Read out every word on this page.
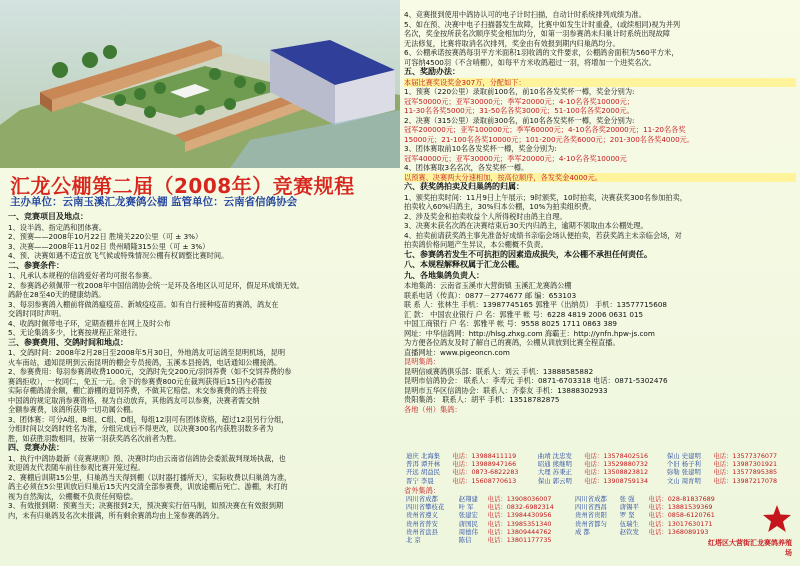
汇龙公棚第二届（2008年）竞赛规程
主办单位：云南玉溪汇龙赛鸽公棚 监管单位：云南省信鸽协会
一、竞赛项目及地点：
1、设半鸽、指定鸽和团体赛。
2、预赛——2008年10月22日 胜境关220公里（可 ± 3%）
3、决赛——2008年11月02日 贵州晴隆315公里（可 ± 3%）
4、预、决赛如遇不适宜放飞气候或特殊情况公棚有权调整比赛时间。
二、参赛条件：
1、凡承认本规程的信鸽爱好者均可报名参赛。
2、参赛鸽必须佩带一枚2008年中国信鸽协会统一足环及各地区认可足环，假足环成绩无效。
鸽龄在28至40天的健康幼鸽。
3、每羽参赛鸽入棚前将做鸽瘟疫苗、新城疫疫苗。如有自行接种疫苗的赛鸽，鸽友在
交鸽时同时声明。
4、收鸽时佩带电子环，定期查棚并在网上及时公布
5、无论集鸽多少，比赛按规程正常进行。
三、参赛费用、交鸽时间和地点：
1、交鸽时间：2008年2月28日至2008年5月30日，外地鸽友可运鸽至昆明机场，昆明
火车南站，通知昆明到云南昆明的棚会专员接鸽，玉溪本县接鸽，电话通知公棚接鸽。
2、参赛费用：每羽参赛鸽收费1000元，交鸽时先交200元/羽饲养费（如不交饲养费的参
赛鸽拒收），一枚同仁，免五一元。余下的参赛费800元在裁判获得后15日内必需按
实际存棚鸽清余额，棚亡游棚的退饲养费，不做其它赔偿。未交参赛费的鸽主将按
中国鸽的规定取消参赛资格，视为自动放弃，其他鸽友可以参赛，决赛者需交纳
全额参赛费，该鸽所获得一切功属公棚。
3、团体赛：可分A组、B组、C组、D组，每组12羽可有团体资格，超过12羽另行分组，
分组时间以交鸽时姓名为准，分组完成后不得更改，以决赛300名内获胜羽数多者为
胜，如获胜羽数相同，按第一羽获奖鸽名次前者为胜。
四、竞赛办法：
1、执行中鸽协最新《竞赛规则》预、决赛时均由云南省信鸽协会委派裁判现场执裁，也
欢迎鸽友代表随车前往参观比赛开笼过程。
2、赛棚后训期15公里，归巢鸽当天得到棚（以时器打播所天），实际收费以归巢鸽为准，
鸽主必须在5公里训放后归巢后15天内交清全部参赛费，训放途棚后死亡、游棚，未打的
视为自然淘汰，公棚概不负责任何赔偿。
3、有效报到期：预赛当天；决赛报到2天，预决赛实行佰马制，如预决赛在有效报到期
内，未有归巢鸽及名次未报满，所有剩余赛鸽均由上笼参赛鸽鸽分。
4、竞赛报到使用中鸽协认可的电子计时扫描，自动计时系统排列成绩为准。
5、如在预、决赛中电子扫描器发生故障，比赛中如发生计时重叠，(或续相同)视为并列
名次，奖金按所获名次顺序奖金相加均分，如第一羽参赛鸽未归巢计时系统出现故障
无法修复，比赛将取消名次排列，奖金由有效报到期内归巢鸽均分。
6、公棚承诺按赛鸽每羽平方米面积1羽收鸽的文件要求，公棚鸽舍面积为560平方米，
可容纳4500羽（不含哨棚），如每平方米收鸽超过一羽，将增加一个进奖名次。
五、奖励办法：
本届比赛奖设奖金307万，分配如下：
1、预赛（220公里）录取前100名，前10名各发奖杯一樽，奖金分别为:
冠军50000元；亚军30000元；季军20000元；4-10名各奖10000元；
11-30名各奖5000元；31-50名各奖3000元；51-100名各奖2000元。
2、决赛（315公里）录取前300名，前10名各发奖杯一樽，奖金分别为:
冠军200000元；亚军100000元；季军60000元；4-10名各奖20000元；11-20名各奖
15000元；21-100名各奖10000元；101-200元各奖6000元；201-300名各奖4000元。
3、团体赛取前10名各发奖杯一樽，奖金分别为:
冠军40000元；亚军30000元；季军20000元；4-10名各奖10000元
4、团体赛取3名名次，各发奖杯一樽。
以预赛、决赛两大分速相加，按高位顺序，各发奖金4000元。
六、获奖鸽拍卖及归巢鸽的归属：
1、颁奖拍卖时间：11月9日上午展示；9时颁奖，10时拍卖，决赛获奖300名参加拍卖，
拍卖收入60%归鸽主，30%归本公棚，10%为拍卖组织费。
2、涉及奖金和拍卖收益个人所得税时由鸽主自理。
3、决赛未获名次鸽在决赛结束后30天内归鸽主，逾期不领取由本公棚处理。
4、拍卖前请获奖鸽主事先准备好成绩书亲临会场认便拍卖，若获奖鸽主未亲临会场，对
拍卖鸽价格问题产生异议，本公棚概不负责。
七、参赛鸽若发生不可抗拒的因素造成损失，本公棚不承担任何责任。
八、本规程解释权属于汇龙公棚。
九、各地集鸽负责人：
本地集鸽：云南省玉溪市大营街镇 玉溪汇龙赛鸽公棚
联系电话（传真）：0877－2774677 邮 编：653103
联 系 人：张林生 手机：13987745165 郭雅平（出纳员） 手机：13577715608
汇 款： 中国农业银行 户 名：郭雅平 帐 号：6228 4819 2006 0631 015
中国工商银行 户 名：郭雅平 帐 号：9558 8025 1711 0863 389
网址：中华信鸽网：http://hlsg.zhxg.com 海霸王：http://ynfn.hpw-js.com
为方便各位鸽友及时了解自己的赛鸽，公棚从训放到比赛全程直播。
直播网址：www.pigeoncn.com
昆明集鸽：
昆明信威赛鸽俱乐部：联系人：刘云 手机：13888585882
昆明市信鸽协会： 联系人：李寿元 手机：0871-6703318 电话：0871-5302476
昆明市五华区信鸽协会：联系人：齐泰友 手机：13888302933
贵阳集鸽： 联系人：胡平 手机：13518782875
各地（州）集鸽：
迪庆 北海集	电话：13988411119	曲靖 沈忠发	电话：13578402516	保山 史建明	电话：13577376077
普洱 谭开林	电话：13988947166	昭通 熊继明	电话：13529880732	个旧 杨子利	电话：13987301921
开远 胡益民	电话：0873-6822283	大理 苏秉正	电话：13508823812	弥勒 张建明	电话：13577895385
晋宁 李晨	电话：15608770613	保山 郭云明	电话：13908759134	文山 周育明	电话：13987217078
省外集鸽：
四川省成都	赵翔建	电话：13908036007	四川省成都	张 强	电话：028-81837689
四川省攀枝花	叶 军	电话：0832-6982314	四川省西昌	唐锡平	电话：13881539369
贵州省遵义	张建宏	电话：13984430956	贵州省贵阳	罗 坚	电话：0858-6120761
贵州省普安	唐国民	电话：13985351340	贵州省都匀	伍瑞生	电话：13017630171
贵州省盘县	周德伟	电话：13809444762	成 都	赵钦发	电话：1368089193
北 京	陈信	电话：13801177735				红塔区大营街汇龙赛鸽养殖场
